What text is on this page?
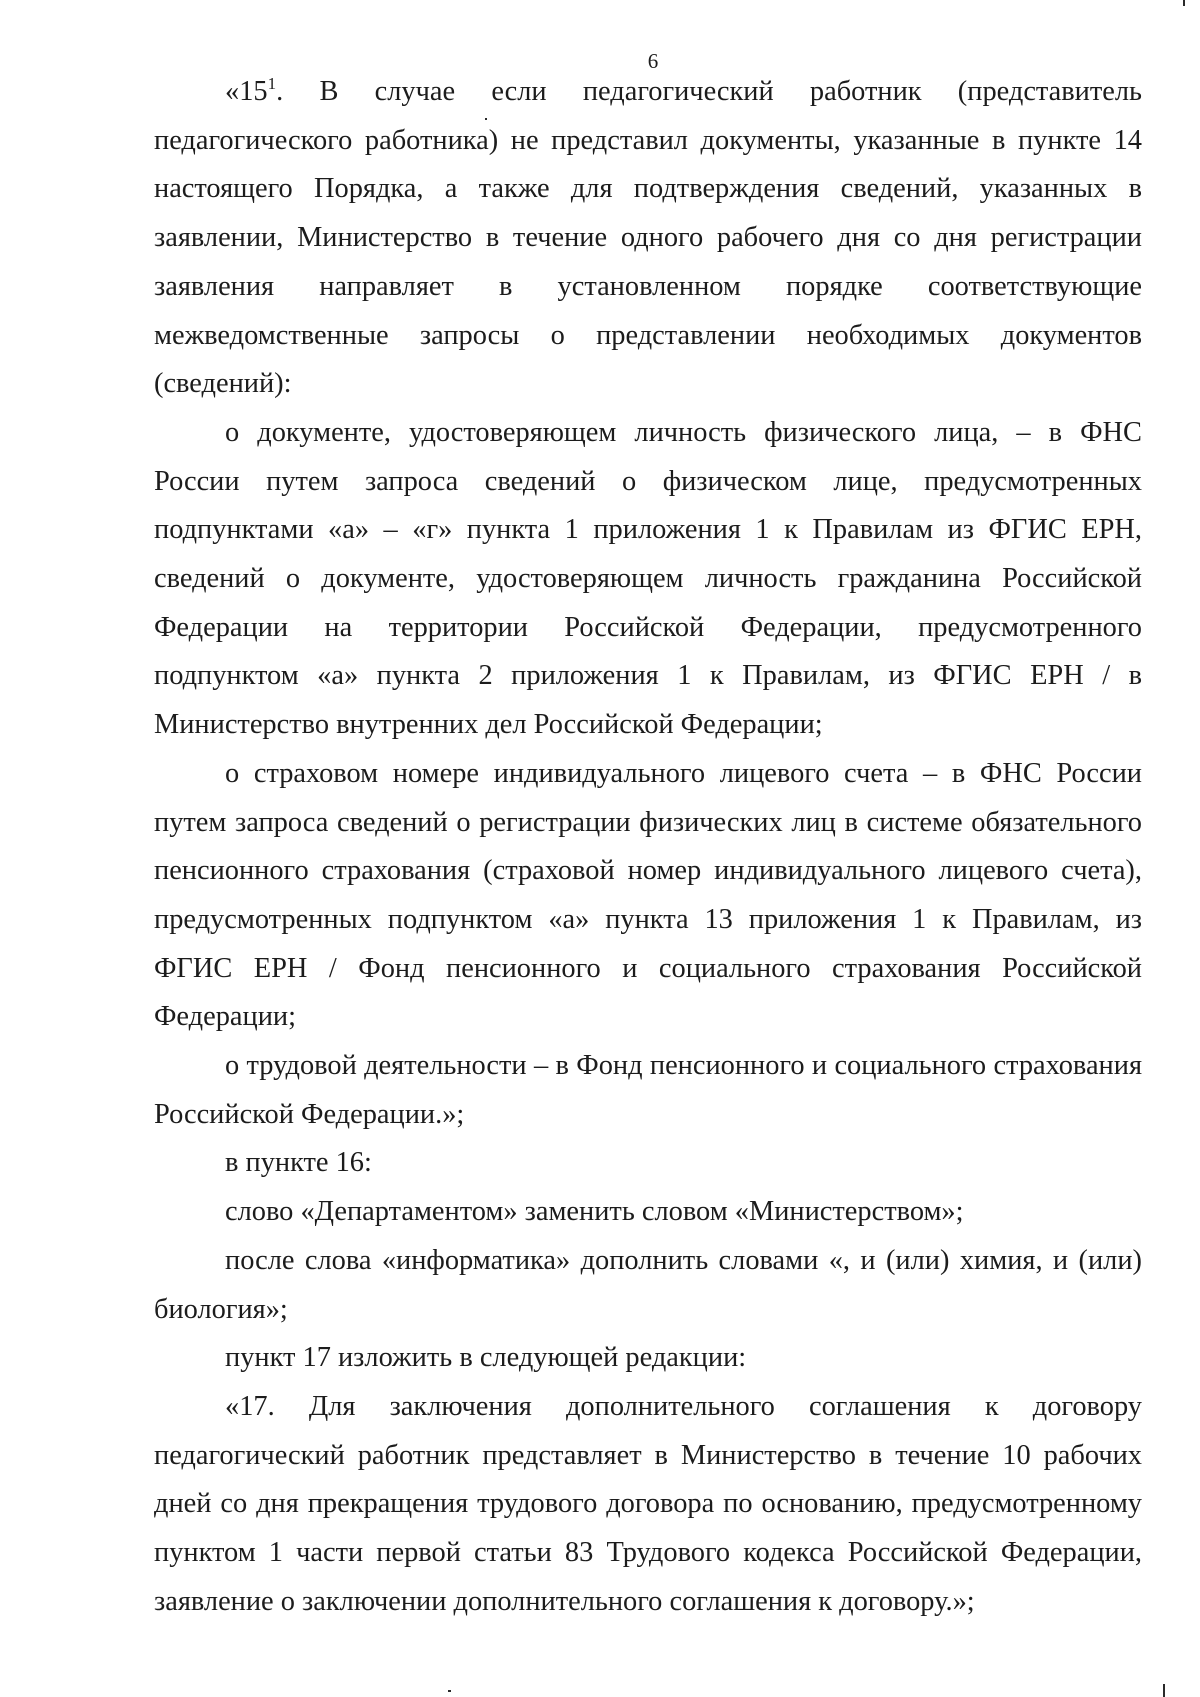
6

«$15^1$. В случае если педагогический работник (представитель педагогического работника) не представил документы, указанные в пункте 14 настоящего Порядка, а также для подтверждения сведений, указанных в заявлении, Министерство в течение одного рабочего дня со дня регистрации заявления направляет в установленном порядке соответствующие межведомственные запросы о представлении необходимых документов (сведений):

о документе, удостоверяющем личность физического лица, – в ФНС России путем запроса сведений о физическом лице, предусмотренных подпунктами «а» – «г» пункта 1 приложения 1 к Правилам из ФГИС ЕРН, сведений о документе, удостоверяющем личность гражданина Российской Федерации на территории Российской Федерации, предусмотренного подпунктом «а» пункта 2 приложения 1 к Правилам, из ФГИС ЕРН / в Министерство внутренних дел Российской Федерации;

о страховом номере индивидуального лицевого счета – в ФНС России путем запроса сведений о регистрации физических лиц в системе обязательного пенсионного страхования (страховой номер индивидуального лицевого счета), предусмотренных подпунктом «а» пункта 13 приложения 1 к Правилам, из ФГИС ЕРН / Фонд пенсионного и социального страхования Российской Федерации;

о трудовой деятельности – в Фонд пенсионного и социального страхования Российской Федерации.»;

в пункте 16:

слово «Департаментом» заменить словом «Министерством»;

после слова «информатика» дополнить словами «, и (или) химия, и (или) биология»;

пункт 17 изложить в следующей редакции:

«17. Для заключения дополнительного соглашения к договору педагогический работник представляет в Министерство в течение 10 рабочих дней со дня прекращения трудового договора по основанию, предусмотренному пунктом 1 части первой статьи 83 Трудового кодекса Российской Федерации, заявление о заключении дополнительного соглашения к договору.»;
